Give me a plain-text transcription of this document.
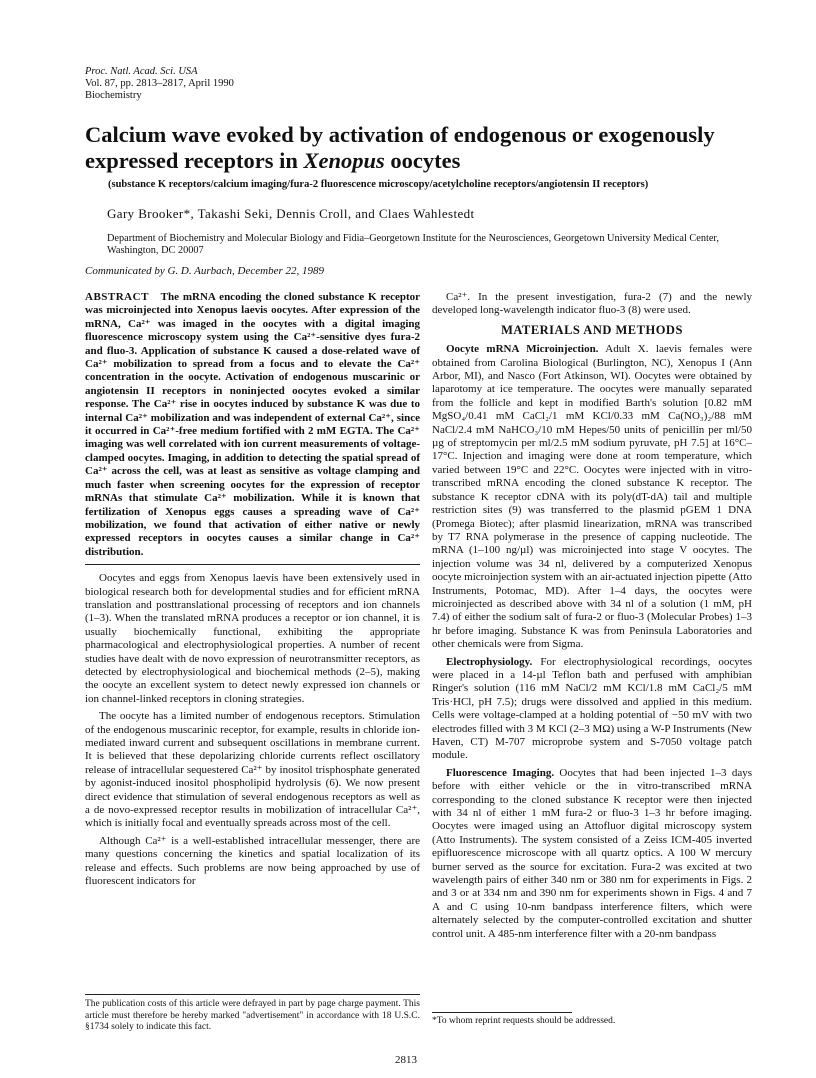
Proc. Natl. Acad. Sci. USA
Vol. 87, pp. 2813–2817, April 1990
Biochemistry
Calcium wave evoked by activation of endogenous or exogenously
expressed receptors in Xenopus oocytes
(substance K receptors/calcium imaging/fura-2 fluorescence microscopy/acetylcholine receptors/angiotensin II receptors)
Gary Brooker*, Takashi Seki, Dennis Croll, and Claes Wahlestedt
Department of Biochemistry and Molecular Biology and Fidia–Georgetown Institute for the Neurosciences, Georgetown University Medical Center, Washington, DC 20007
Communicated by G. D. Aurbach, December 22, 1989

ABSTRACT The mRNA encoding the cloned substance K receptor was microinjected into Xenopus laevis oocytes. After expression of the mRNA, Ca²⁺ was imaged in the oocytes with a digital imaging fluorescence microscopy system using the Ca²⁺-sensitive dyes fura-2 and fluo-3. Application of substance K caused a dose-related wave of Ca²⁺ mobilization to spread from a focus and to elevate the Ca²⁺ concentration in the oocyte. Activation of endogenous muscarinic or angiotensin II receptors in noninjected oocytes evoked a similar response. The Ca²⁺ rise in oocytes induced by substance K was due to internal Ca²⁺ mobilization and was independent of external Ca²⁺, since it occurred in Ca²⁺-free medium fortified with 2 mM EGTA. The Ca²⁺ imaging was well correlated with ion current measurements of voltage-clamped oocytes. Imaging, in addition to detecting the spatial spread of Ca²⁺ across the cell, was at least as sensitive as voltage clamping and much faster when screening oocytes for the expression of receptor mRNAs that stimulate Ca²⁺ mobilization. While it is known that fertilization of Xenopus eggs causes a spreading wave of Ca²⁺ mobilization, we found that activation of either native or newly expressed receptors in oocytes causes a similar change in Ca²⁺ distribution.

Oocytes and eggs from Xenopus laevis have been extensively used in biological research both for developmental studies and for efficient mRNA translation and posttranslational processing of receptors and ion channels (1–3). When the translated mRNA produces a receptor or ion channel, it is usually biochemically functional, exhibiting the appropriate pharmacological and electrophysiological properties. A number of recent studies have dealt with de novo expression of neurotransmitter receptors, as detected by electrophysiological and biochemical methods (2–5), making the oocyte an excellent system to detect newly expressed ion channels or ion channel-linked receptors in cloning strategies.

The oocyte has a limited number of endogenous receptors. Stimulation of the endogenous muscarinic receptor, for example, results in chloride ion-mediated inward current and subsequent oscillations in membrane current. It is believed that these depolarizing chloride currents reflect oscillatory release of intracellular sequestered Ca²⁺ by inositol trisphosphate generated by agonist-induced inositol phospholipid hydrolysis (6). We now present direct evidence that stimulation of several endogenous receptors as well as a de novo-expressed receptor results in mobilization of intracellular Ca²⁺, which is initially focal and eventually spreads across most of the cell.

Although Ca²⁺ is a well-established intracellular messenger, there are many questions concerning the kinetics and spatial localization of its release and effects. Such problems are now being approached by use of fluorescent indicators for

Ca²⁺. In the present investigation, fura-2 (7) and the newly developed long-wavelength indicator fluo-3 (8) were used.

MATERIALS AND METHODS

Oocyte mRNA Microinjection. Adult X. laevis females were obtained from Carolina Biological (Burlington, NC), Xenopus I (Ann Arbor, MI), and Nasco (Fort Atkinson, WI). Oocytes were obtained by laparotomy at ice temperature. The oocytes were manually separated from the follicle and kept in modified Barth's solution [0.82 mM MgSO₄/0.41 mM CaCl₂/1 mM KCl/0.33 mM Ca(NO₃)₂/88 mM NaCl/2.4 mM NaHCO₃/10 mM Hepes/50 units of penicillin per ml/50 µg of streptomycin per ml/2.5 mM sodium pyruvate, pH 7.5] at 16°C–17°C. Injection and imaging were done at room temperature, which varied between 19°C and 22°C. Oocytes were injected with in vitro-transcribed mRNA encoding the cloned substance K receptor. The substance K receptor cDNA with its poly(dT-dA) tail and multiple restriction sites (9) was transferred to the plasmid pGEM 1 DNA (Promega Biotec); after plasmid linearization, mRNA was transcribed by T7 RNA polymerase in the presence of capping nucleotide. The mRNA (1–100 ng/µl) was microinjected into stage V oocytes. The injection volume was 34 nl, delivered by a computerized Xenopus oocyte microinjection system with an air-actuated injection pipette (Atto Instruments, Potomac, MD). After 1–4 days, the oocytes were microinjected as described above with 34 nl of a solution (1 mM, pH 7.4) of either the sodium salt of fura-2 or fluo-3 (Molecular Probes) 1–3 hr before imaging. Substance K was from Peninsula Laboratories and other chemicals were from Sigma.

Electrophysiology. For electrophysiological recordings, oocytes were placed in a 14-µl Teflon bath and perfused with amphibian Ringer's solution (116 mM NaCl/2 mM KCl/1.8 mM CaCl₂/5 mM Tris·HCl, pH 7.5); drugs were dissolved and applied in this medium. Cells were voltage-clamped at a holding potential of −50 mV with two electrodes filled with 3 M KCl (2–3 MΩ) using a W-P Instruments (New Haven, CT) M-707 microprobe system and S-7050 voltage patch module.

Fluorescence Imaging. Oocytes that had been injected 1–3 days before with either vehicle or the in vitro-transcribed mRNA corresponding to the cloned substance K receptor were then injected with 34 nl of either 1 mM fura-2 or fluo-3 1–3 hr before imaging. Oocytes were imaged using an Attofluor digital microscopy system (Atto Instruments). The system consisted of a Zeiss ICM-405 inverted epifluorescence microscope with all quartz optics. A 100 W mercury burner served as the source for excitation. Fura-2 was excited at two wavelength pairs of either 340 nm or 380 nm for experiments in Figs. 2 and 3 or at 334 nm and 390 nm for experiments shown in Figs. 4 and 7 A and C using 10-nm bandpass interference filters, which were alternately selected by the computer-controlled excitation and shutter control unit. A 485-nm interference filter with a 20-nm bandpass

The publication costs of this article were defrayed in part by page charge payment. This article must therefore be hereby marked "advertisement" in accordance with 18 U.S.C. §1734 solely to indicate this fact.
*To whom reprint requests should be addressed.
2813
